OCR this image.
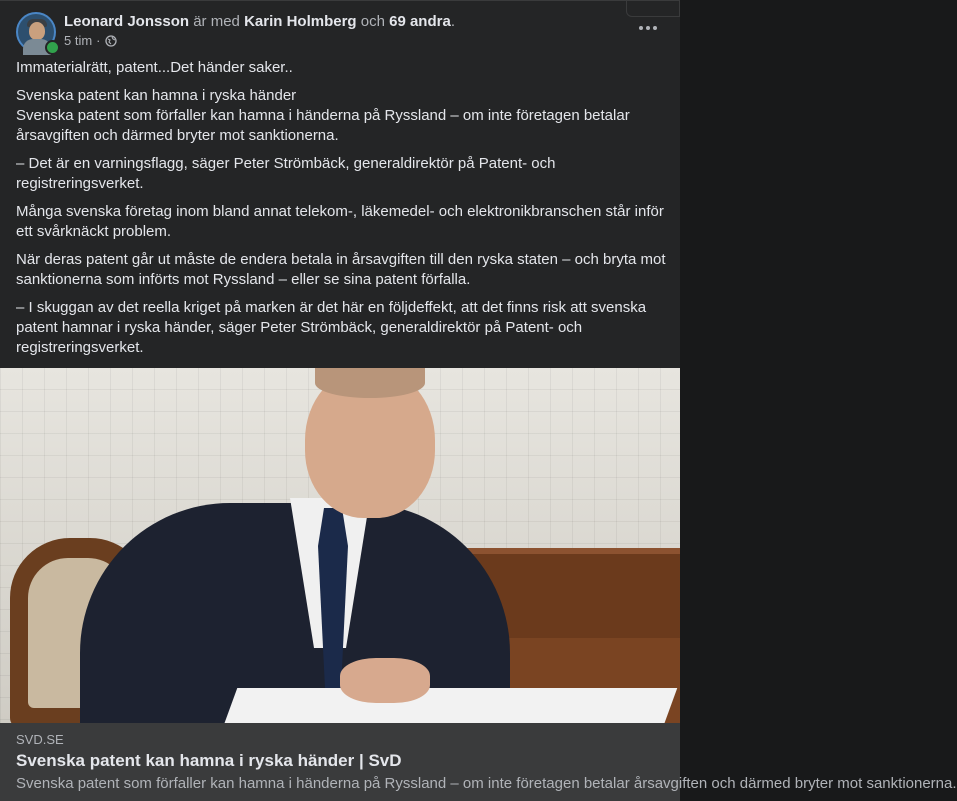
Leonard Jonsson är med Karin Holmberg och 69 andra.
5 tim ·

Immaterialrätt, patent...Det händer saker..

Svenska patent kan hamna i ryska händer
Svenska patent som förfaller kan hamna i händerna på Ryssland – om inte företagen betalar årsavgiften och därmed bryter mot sanktionerna.

– Det är en varningsflagg, säger Peter Strömbäck, generaldirektör på Patent- och registreringsverket.

Många svenska företag inom bland annat telekom-, läkemedel- och elektronikbranschen står inför ett svårknäckt problem.

När deras patent går ut måste de endera betala in årsavgiften till den ryska staten – och bryta mot sanktionerna som införts mot Ryssland – eller se sina patent förfalla.

– I skuggan av det reella kriget på marken är det här en följdeffekt, att det finns risk att svenska patent hamnar i ryska händer, säger Peter Strömbäck, generaldirektör på Patent- och registreringsverket.

SVD.SE
Svenska patent kan hamna i ryska händer | SvD
Svenska patent som förfaller kan hamna i händerna på Ryssland – om inte företagen betalar årsavgiften och därmed bryter mot sanktionerna.
